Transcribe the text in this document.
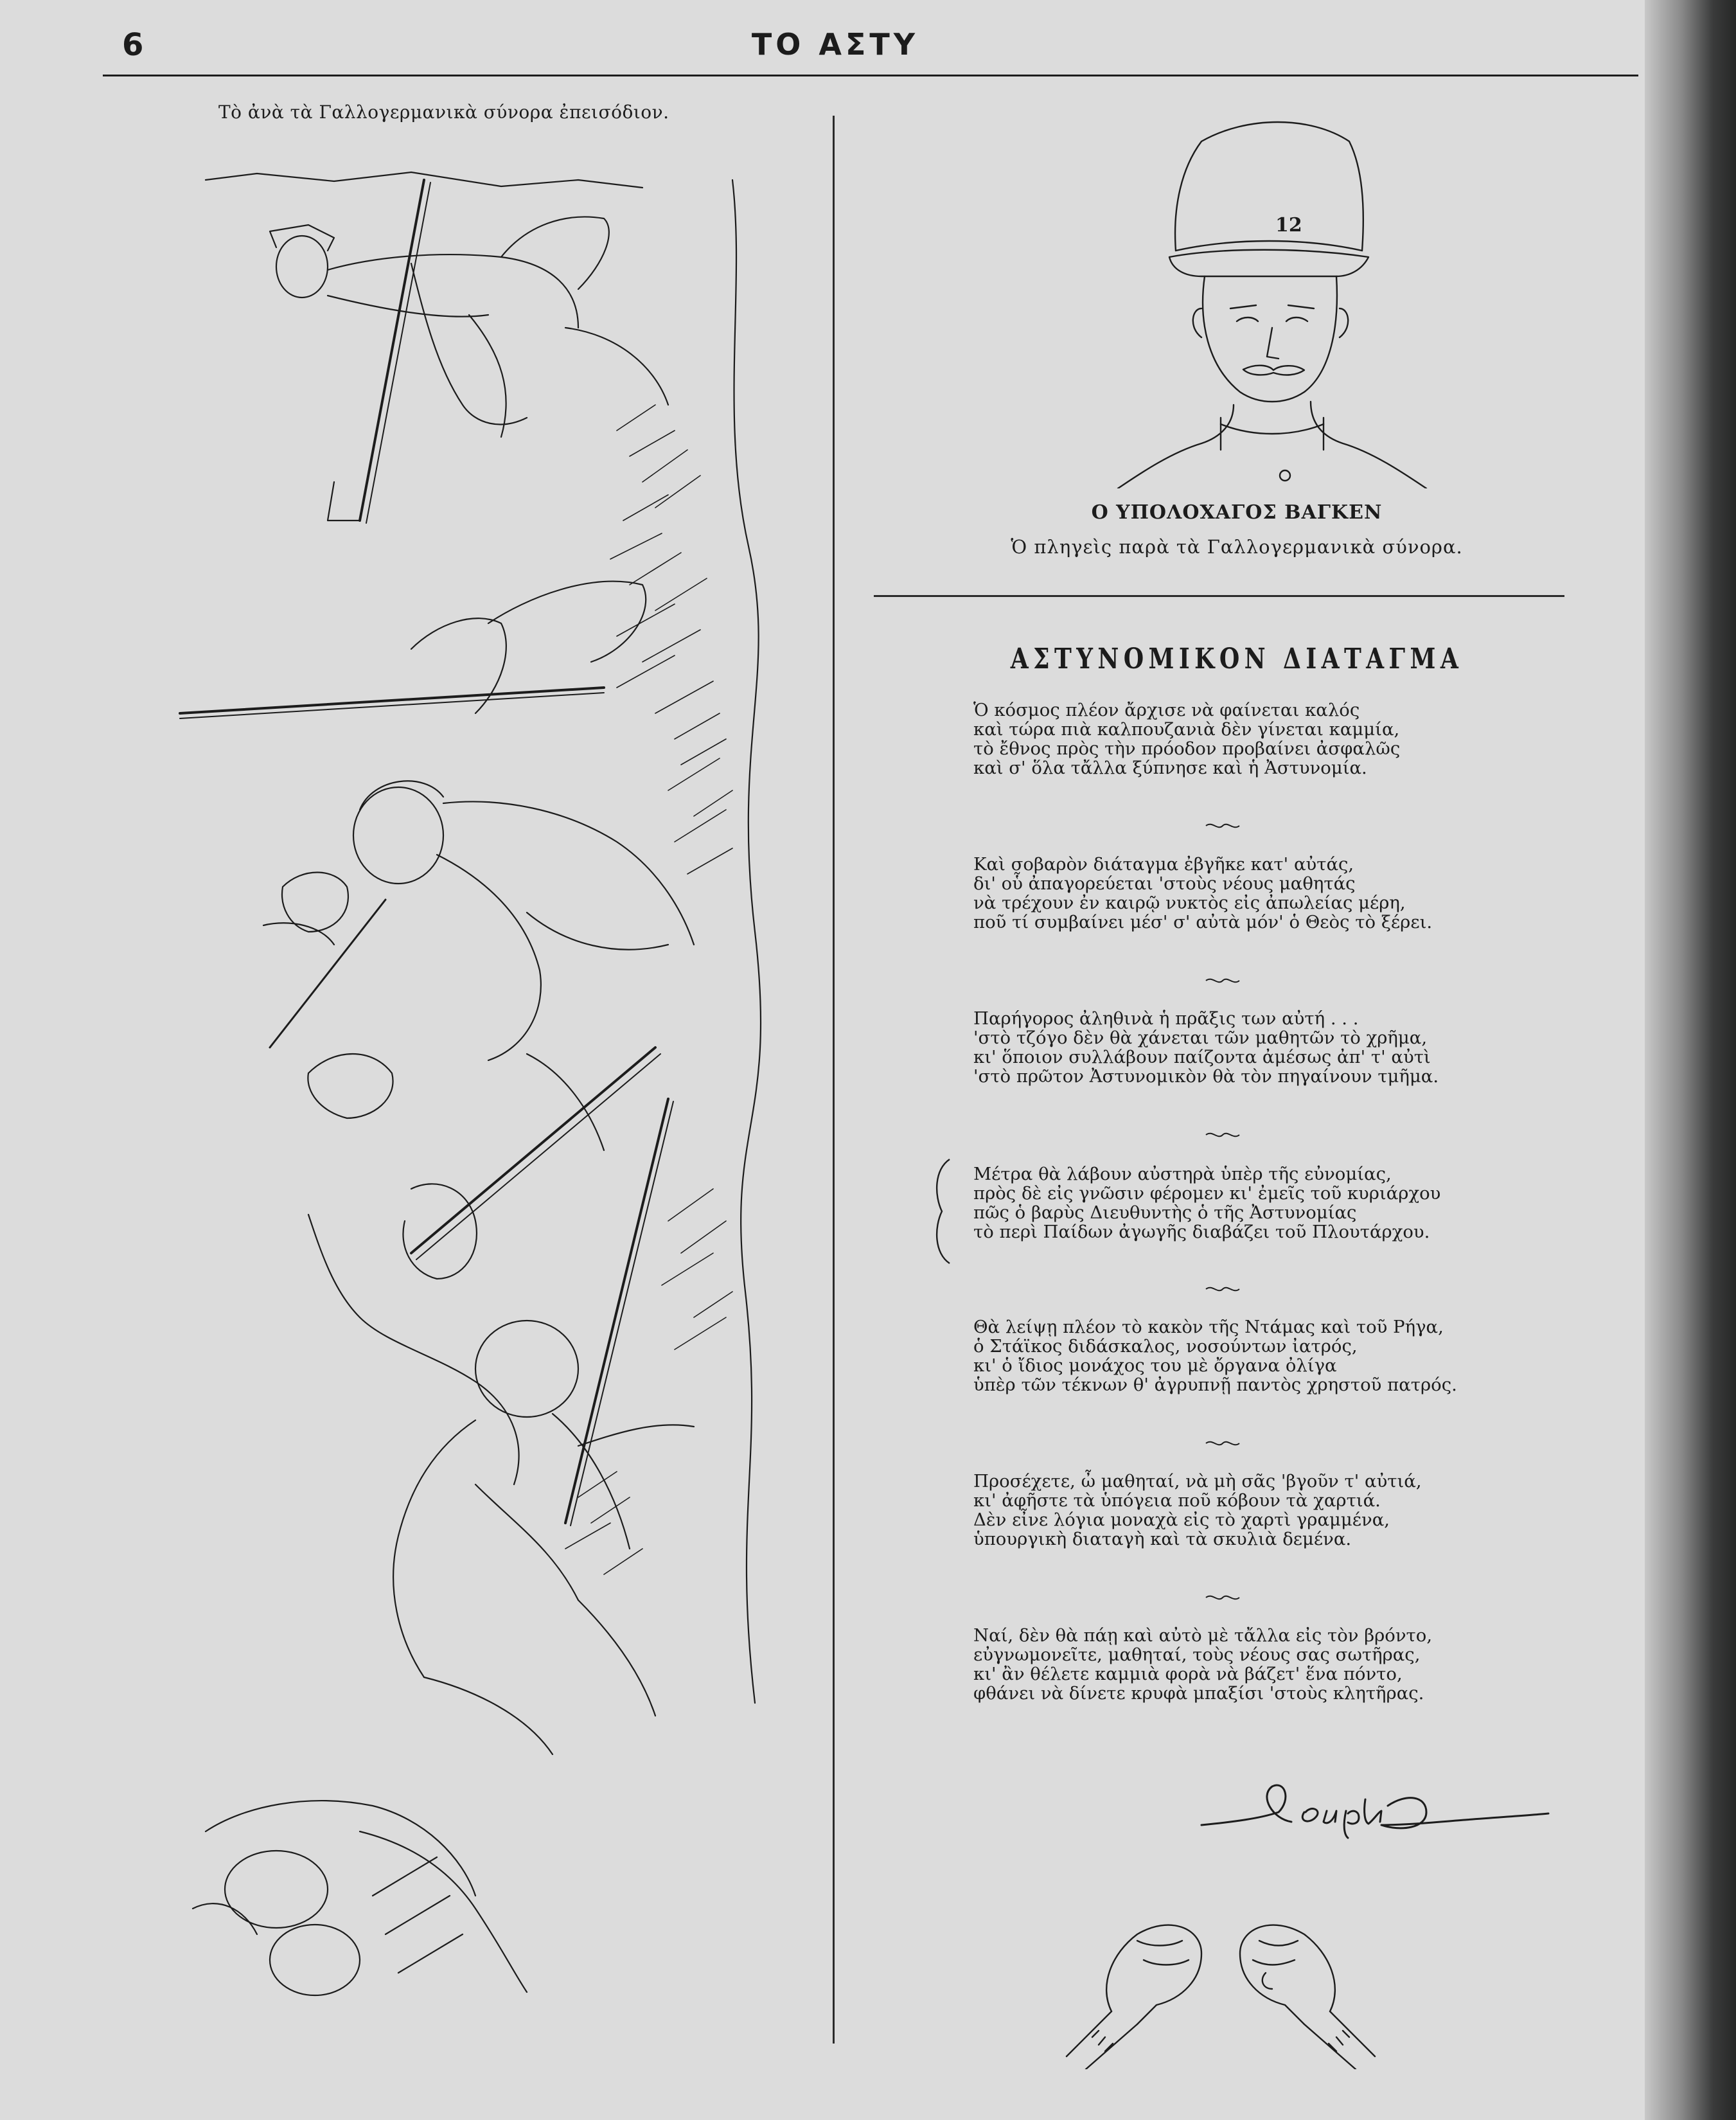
6	ΤΟ ΑΣΤΥ
Τὸ ἀνὰ τὰ Γαλλογερμανικὰ σύνορα ἐπεισόδιον.
12
Ο ΥΠΟΛΟΧΑΓΟΣ ΒΑΓΚΕΝ
Ὁ πληγεὶς παρὰ τὰ Γαλλογερμανικὰ σύνορα.
ΑΣΤΥΝΟΜΙΚΟΝ ΔΙΑΤΑΓΜΑ
Ὁ κόσμος πλέον ἄρχισε νὰ φαίνεται καλός
καὶ τώρα πιὰ καλπουζανιὰ δὲν γίνεται καμμία,
τὸ ἔθνος πρὸς τὴν πρόοδον προβαίνει ἀσφαλῶς
καὶ σ' ὅλα τἄλλα ξύπνησε καὶ ἡ Ἀστυνομία.
Καὶ σοβαρὸν διάταγμα ἐβγῆκε κατ' αὐτάς,
δι' οὗ ἀπαγορεύεται 'στοὺς νέους μαθητάς
νὰ τρέχουν ἐν καιρῷ νυκτὸς εἰς ἀπωλείας μέρη,
ποῦ τί συμβαίνει μέσ' σ' αὐτὰ μόν' ὁ Θεὸς τὸ ξέρει.
Παρήγορος ἀληθινὰ ἡ πρᾶξις των αὐτή . . .
'στὸ τζόγο δὲν θὰ χάνεται τῶν μαθητῶν τὸ χρῆμα,
κι' ὅποιον συλλάβουν παίζοντα ἀμέσως ἀπ' τ' αὐτὶ
'στὸ πρῶτον Ἀστυνομικὸν θὰ τὸν πηγαίνουν τμῆμα.
Μέτρα θὰ λάβουν αὐστηρὰ ὑπὲρ τῆς εὐνομίας,
πρὸς δὲ εἰς γνῶσιν φέρομεν κι' ἐμεῖς τοῦ κυριάρχου
πῶς ὁ βαρὺς Διευθυντὴς ὁ τῆς Ἀστυνομίας
τὸ περὶ Παίδων ἀγωγῆς διαβάζει τοῦ Πλουτάρχου.
Θὰ λείψῃ πλέον τὸ κακὸν τῆς Ντάμας καὶ τοῦ Ρήγα,
ὁ Στάϊκος διδάσκαλος, νοσούντων ἰατρός,
κι' ὁ ἴδιος μονάχος του μὲ ὄργανα ὀλίγα
ὑπὲρ τῶν τέκνων θ' ἀγρυπνῇ παντὸς χρηστοῦ πατρός.
Προσέχετε, ὦ μαθηταί, νὰ μὴ σᾶς 'βγοῦν τ' αὐτιά,
κι' ἀφῆστε τὰ ὑπόγεια ποῦ κόβουν τὰ χαρτιά.
Δὲν εἶνε λόγια μοναχὰ εἰς τὸ χαρτὶ γραμμένα,
ὑπουργικὴ διαταγὴ καὶ τὰ σκυλιὰ δεμένα.
Ναί, δὲν θὰ πάῃ καὶ αὐτὸ μὲ τἄλλα εἰς τὸν βρόντο,
εὐγνωμονεῖτε, μαθηταί, τοὺς νέους σας σωτῆρας,
κι' ἂν θέλετε καμμιὰ φορὰ νὰ βάζετ' ἕνα πόντο,
φθάνει νὰ δίνετε κρυφὰ μπαξίσι 'στοὺς κλητῆρας.
